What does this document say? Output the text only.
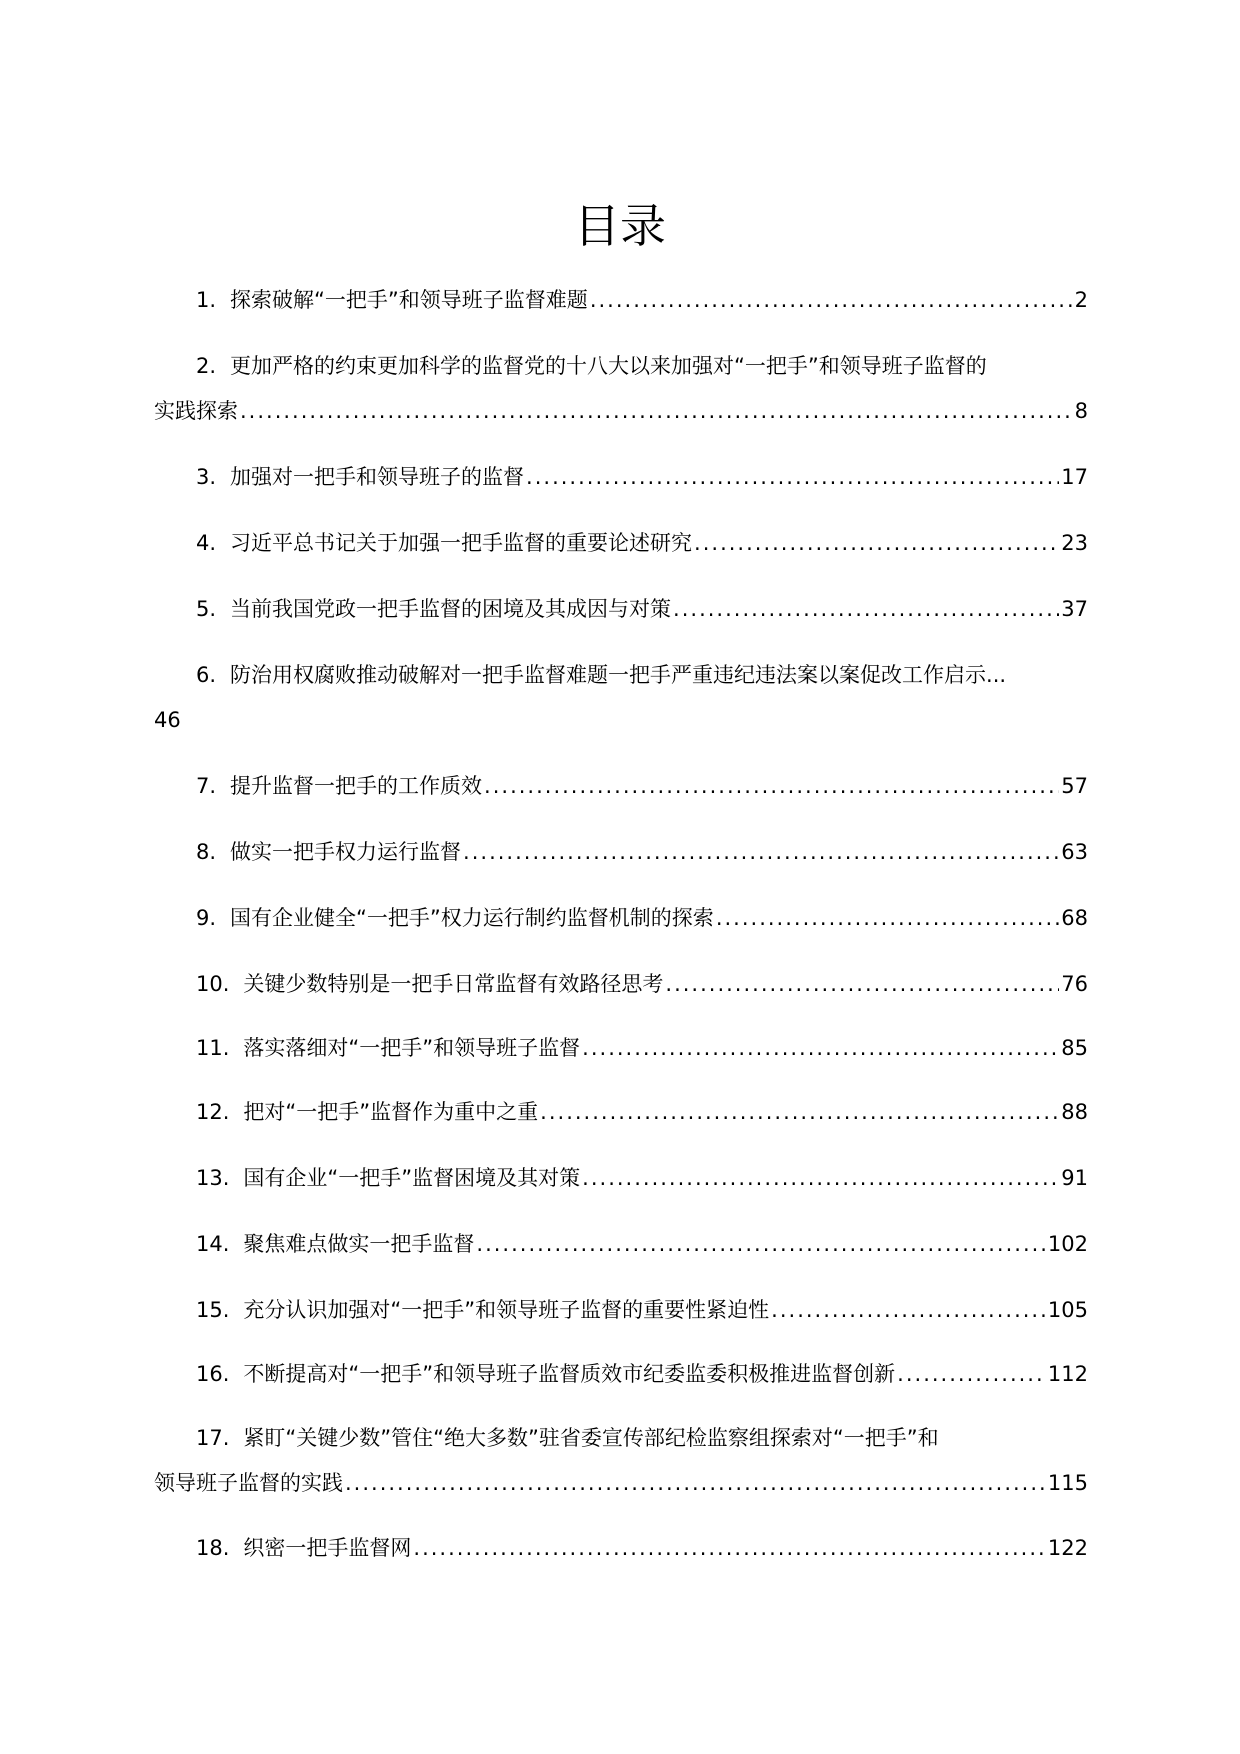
目录
1. 探索破解“一把手”和领导班子监督难题 .....	2
2. 更加严格的约束更加科学的监督党的十八大以来加强对“一把手”和领导班子监督的
实践探索 .....	8
3. 加强对一把手和领导班子的监督 .....	17
4. 习近平总书记关于加强一把手监督的重要论述研究 .....	23
5. 当前我国党政一把手监督的困境及其成因与对策 .....	37
6. 防治用权腐败推动破解对一把手监督难题一把手严重违纪违法案以案促改工作启示...
46
7. 提升监督一把手的工作质效 .....	57
8. 做实一把手权力运行监督 .....	63
9. 国有企业健全“一把手”权力运行制约监督机制的探索 .....	68
10. 关键少数特别是一把手日常监督有效路径思考 .....	76
11. 落实落细对“一把手”和领导班子监督 .....	85
12. 把对“一把手”监督作为重中之重 .....	88
13. 国有企业“一把手”监督困境及其对策 .....	91
14. 聚焦难点做实一把手监督 .....	102
15. 充分认识加强对“一把手”和领导班子监督的重要性紧迫性 .....	105
16. 不断提高对“一把手”和领导班子监督质效市纪委监委积极推进监督创新 .....	112
17. 紧盯“关键少数”管住“绝大多数”驻省委宣传部纪检监察组探索对“一把手”和
领导班子监督的实践 .....	115
18. 织密一把手监督网 .....	122
